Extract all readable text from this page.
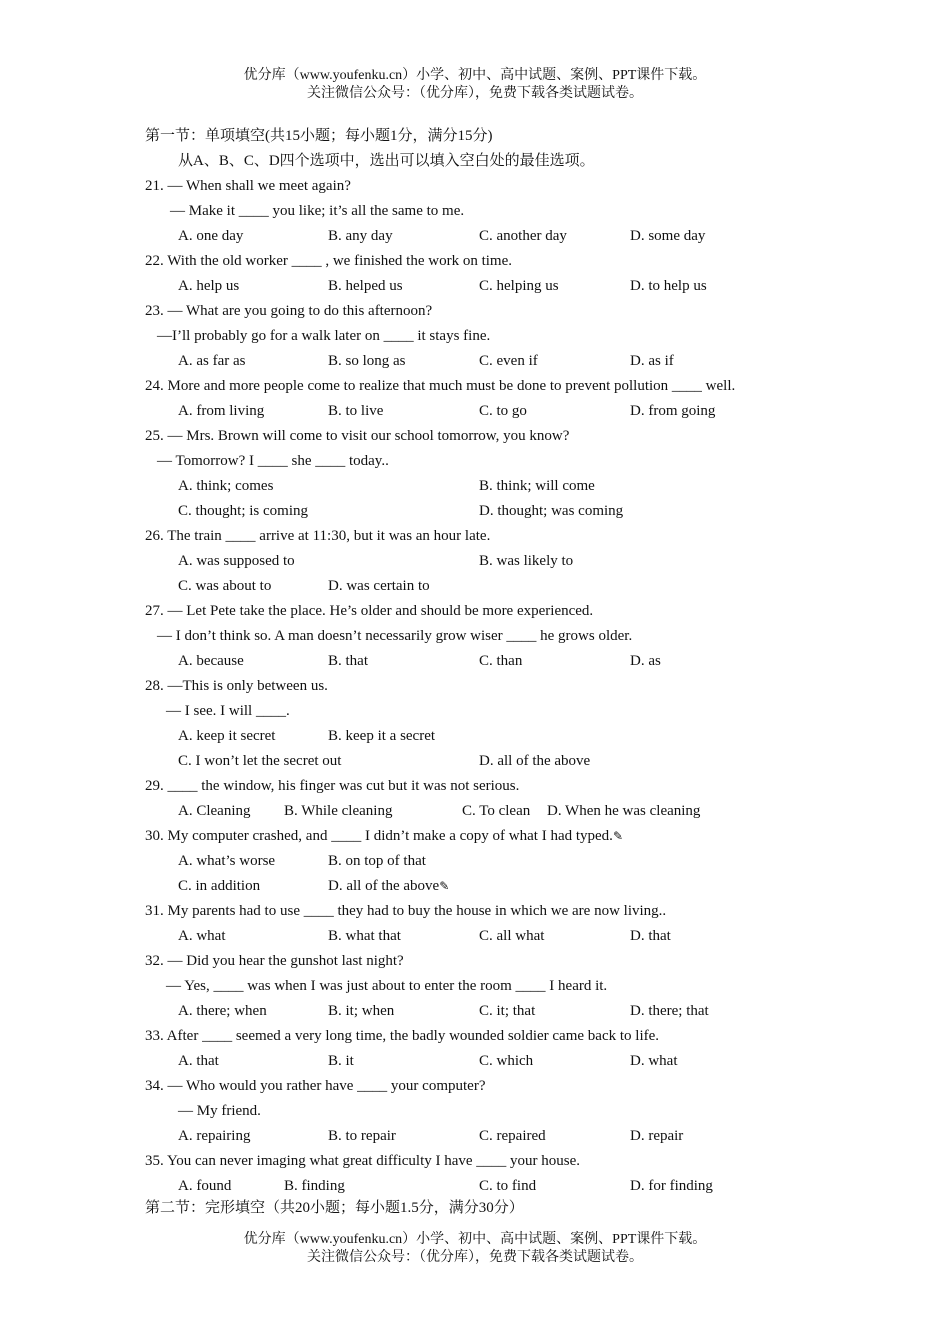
优分库（www.youfenku.cn）小学、初中、高中试题、案例、PPT课件下载。
关注微信公众号：（优分库），免费下载各类试题试卷。
第一节：单项填空(共15小题；每小题1分，满分15分)
从A、B、C、D四个选项中，选出可以填入空白处的最佳选项。
21. — When shall we meet again?
— Make it ____ you like; it’s all the same to me.
A. one day	B. any day	C. another day	D. some day
22. With the old worker ____ , we finished the work on time.
A. help us	B. helped us	C. helping us	D. to help us
23. — What are you going to do this afternoon?
—I’ll probably go for a walk later on ____ it stays fine.
A. as far as	B. so long as	C. even if	D. as if
24. More and more people come to realize that much must be done to prevent pollution ____ well.
A. from living	B. to live	C. to go	D. from going
25. — Mrs. Brown will come to visit our school tomorrow, you know?
— Tomorrow? I ____ she ____ today..
A. think; comes	B. think; will come
C. thought; is coming	D. thought; was coming
26. The train ____ arrive at 11:30, but it was an hour late.
A. was supposed to	B. was likely to
C. was about to	D. was certain to
27. — Let Pete take the place. He’s older and should be more experienced.
— I don’t think so. A man doesn’t necessarily grow wiser ____ he grows older.
A. because	B. that	C. than	D. as
28. —This is only between us.
— I see. I will ____.
A. keep it secret	B. keep it a secret
C. I won’t let the secret out	D. all of the above
29. ____ the window, his finger was cut but it was not serious.
A. Cleaning B. While cleaning	C. To clean D. When he was cleaning
30. My computer crashed, and ____ I didn’t make a copy of what I had typed.✎
A. what’s worse	B. on top of that
C. in addition	D. all of the above✎
31. My parents had to use ____ they had to buy the house in which we are now living..
A. what	B. what that	C. all what	D. that
32. — Did you hear the gunshot last night?
— Yes, ____ was when I was just about to enter the room ____ I heard it.
A. there; when	B. it; when	C. it; that	D. there; that
33. After ____ seemed a very long time, the badly wounded soldier came back to life.
A. that	B. it	C. which	D. what
34. — Who would you rather have ____ your computer?
— My friend.
A. repairing	B. to repair	C. repaired	D. repair
35. You can never imaging what great difficulty I have ____ your house.
A. found	B. finding	C. to find	D. for finding
第二节：完形填空（共20小题；每小题1.5分，满分30分）
优分库（www.youfenku.cn）小学、初中、高中试题、案例、PPT课件下载。
关注微信公众号：（优分库），免费下载各类试题试卷。
